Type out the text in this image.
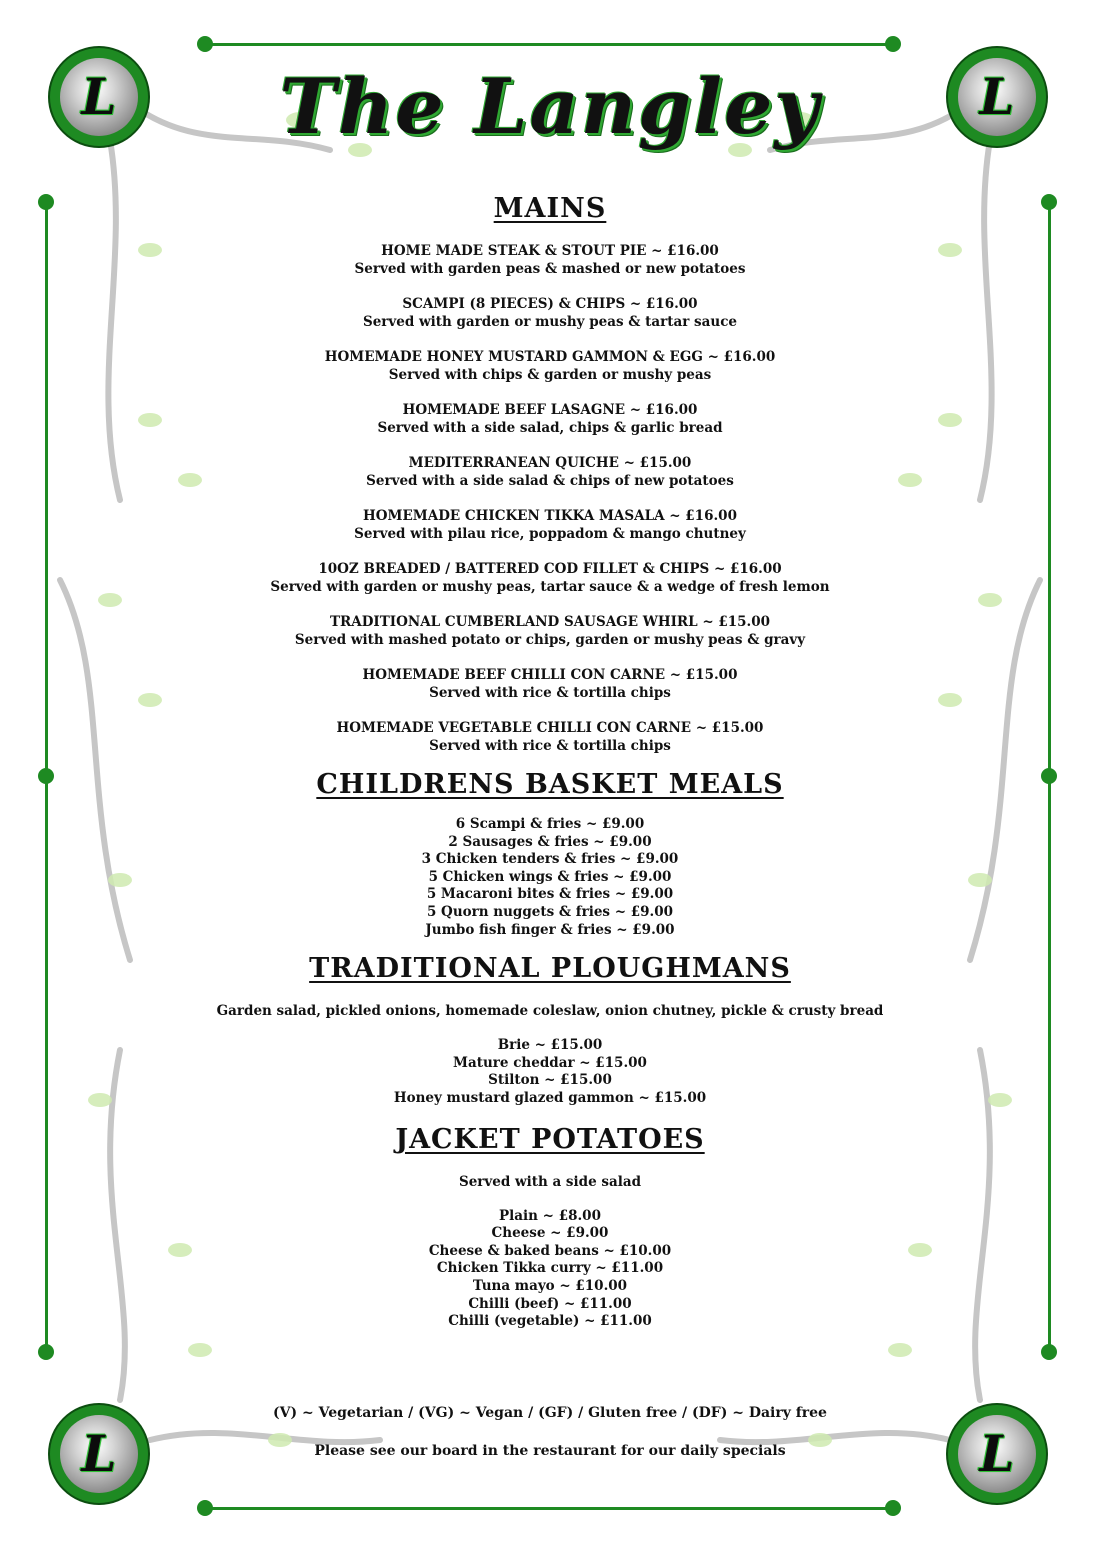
L	L
L	L
The Langley
MAINS
HOME MADE STEAK & STOUT PIE ~ £16.00
Served with garden peas & mashed or new potatoes
SCAMPI (8 PIECES) & CHIPS ~ £16.00
Served with garden or mushy peas & tartar sauce
HOMEMADE HONEY MUSTARD GAMMON & EGG ~ £16.00
Served with chips & garden or mushy peas
HOMEMADE BEEF LASAGNE ~ £16.00
Served with a side salad, chips & garlic bread
MEDITERRANEAN QUICHE ~ £15.00
Served with a side salad & chips of new potatoes
HOMEMADE CHICKEN TIKKA MASALA ~ £16.00
Served with pilau rice, poppadom & mango chutney
10OZ BREADED / BATTERED COD FILLET & CHIPS ~ £16.00
Served with garden or mushy peas, tartar sauce & a wedge of fresh lemon
TRADITIONAL CUMBERLAND SAUSAGE WHIRL ~ £15.00
Served with mashed potato or chips, garden or mushy peas & gravy
HOMEMADE BEEF CHILLI CON CARNE ~ £15.00
Served with rice & tortilla chips
HOMEMADE VEGETABLE CHILLI CON CARNE ~ £15.00
Served with rice & tortilla chips
CHILDRENS BASKET MEALS
6 Scampi & fries ~ £9.00
2 Sausages & fries ~ £9.00
3 Chicken tenders & fries ~ £9.00
5 Chicken wings & fries ~ £9.00
5 Macaroni bites & fries ~ £9.00
5 Quorn nuggets & fries ~ £9.00
Jumbo fish finger & fries ~ £9.00
TRADITIONAL PLOUGHMANS
Garden salad, pickled onions, homemade coleslaw, onion chutney, pickle & crusty bread
Brie ~ £15.00
Mature cheddar ~ £15.00
Stilton ~ £15.00
Honey mustard glazed gammon ~ £15.00
JACKET POTATOES
Served with a side salad
Plain ~ £8.00
Cheese ~ £9.00
Cheese & baked beans ~ £10.00
Chicken Tikka curry ~ £11.00
Tuna mayo ~ £10.00
Chilli (beef) ~ £11.00
Chilli (vegetable) ~ £11.00
(V) ~ Vegetarian / (VG) ~ Vegan / (GF) / Gluten free / (DF) ~ Dairy free
Please see our board in the restaurant for our daily specials
